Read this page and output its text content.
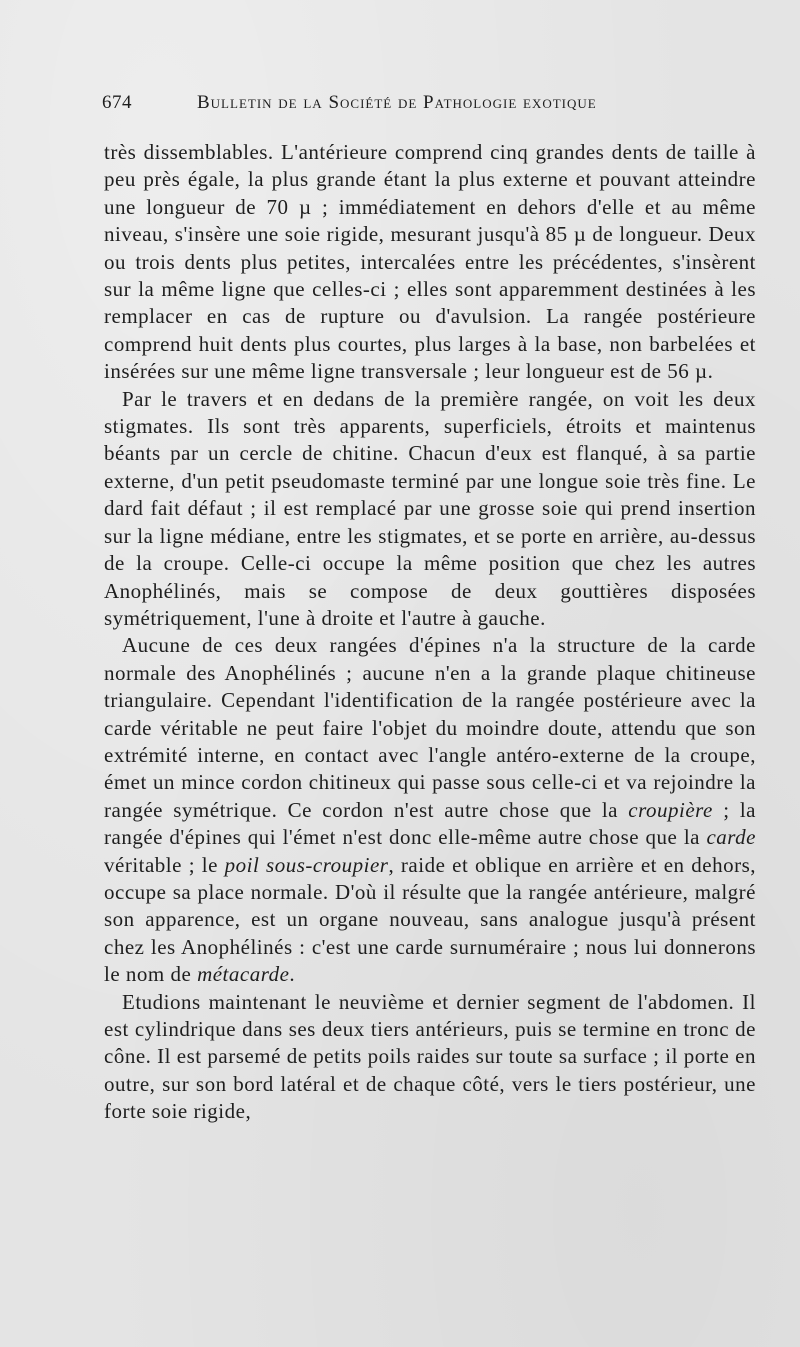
674	Bulletin de la Société de Pathologie exotique

très dissemblables. L'antérieure comprend cinq grandes dents de taille à peu près égale, la plus grande étant la plus externe et pouvant atteindre une longueur de 70 µ ; immédiatement en dehors d'elle et au même niveau, s'insère une soie rigide, mesurant jusqu'à 85 µ de longueur. Deux ou trois dents plus petites, intercalées entre les précédentes, s'insèrent sur la même ligne que celles-ci ; elles sont apparemment destinées à les remplacer en cas de rupture ou d'avulsion. La rangée postérieure comprend huit dents plus courtes, plus larges à la base, non barbelées et insérées sur une même ligne transversale ; leur longueur est de 56 µ.

Par le travers et en dedans de la première rangée, on voit les deux stigmates. Ils sont très apparents, superficiels, étroits et maintenus béants par un cercle de chitine. Chacun d'eux est flanqué, à sa partie externe, d'un petit pseudomaste terminé par une longue soie très fine. Le dard fait défaut ; il est remplacé par une grosse soie qui prend insertion sur la ligne médiane, entre les stigmates, et se porte en arrière, au-dessus de la croupe. Celle-ci occupe la même position que chez les autres Anophélinés, mais se compose de deux gouttières disposées symétriquement, l'une à droite et l'autre à gauche.

Aucune de ces deux rangées d'épines n'a la structure de la carde normale des Anophélinés ; aucune n'en a la grande plaque chitineuse triangulaire. Cependant l'identification de la rangée postérieure avec la carde véritable ne peut faire l'objet du moindre doute, attendu que son extrémité interne, en contact avec l'angle antéro-externe de la croupe, émet un mince cordon chitineux qui passe sous celle-ci et va rejoindre la rangée symétrique. Ce cordon n'est autre chose que la croupière ; la rangée d'épines qui l'émet n'est donc elle-même autre chose que la carde véritable ; le poil sous-croupier, raide et oblique en arrière et en dehors, occupe sa place normale. D'où il résulte que la rangée antérieure, malgré son apparence, est un organe nouveau, sans analogue jusqu'à présent chez les Anophélinés : c'est une carde surnuméraire ; nous lui donnerons le nom de métacarde.

Etudions maintenant le neuvième et dernier segment de l'abdomen. Il est cylindrique dans ses deux tiers antérieurs, puis se termine en tronc de cône. Il est parsemé de petits poils raides sur toute sa surface ; il porte en outre, sur son bord latéral et de chaque côté, vers le tiers postérieur, une forte soie rigide,
